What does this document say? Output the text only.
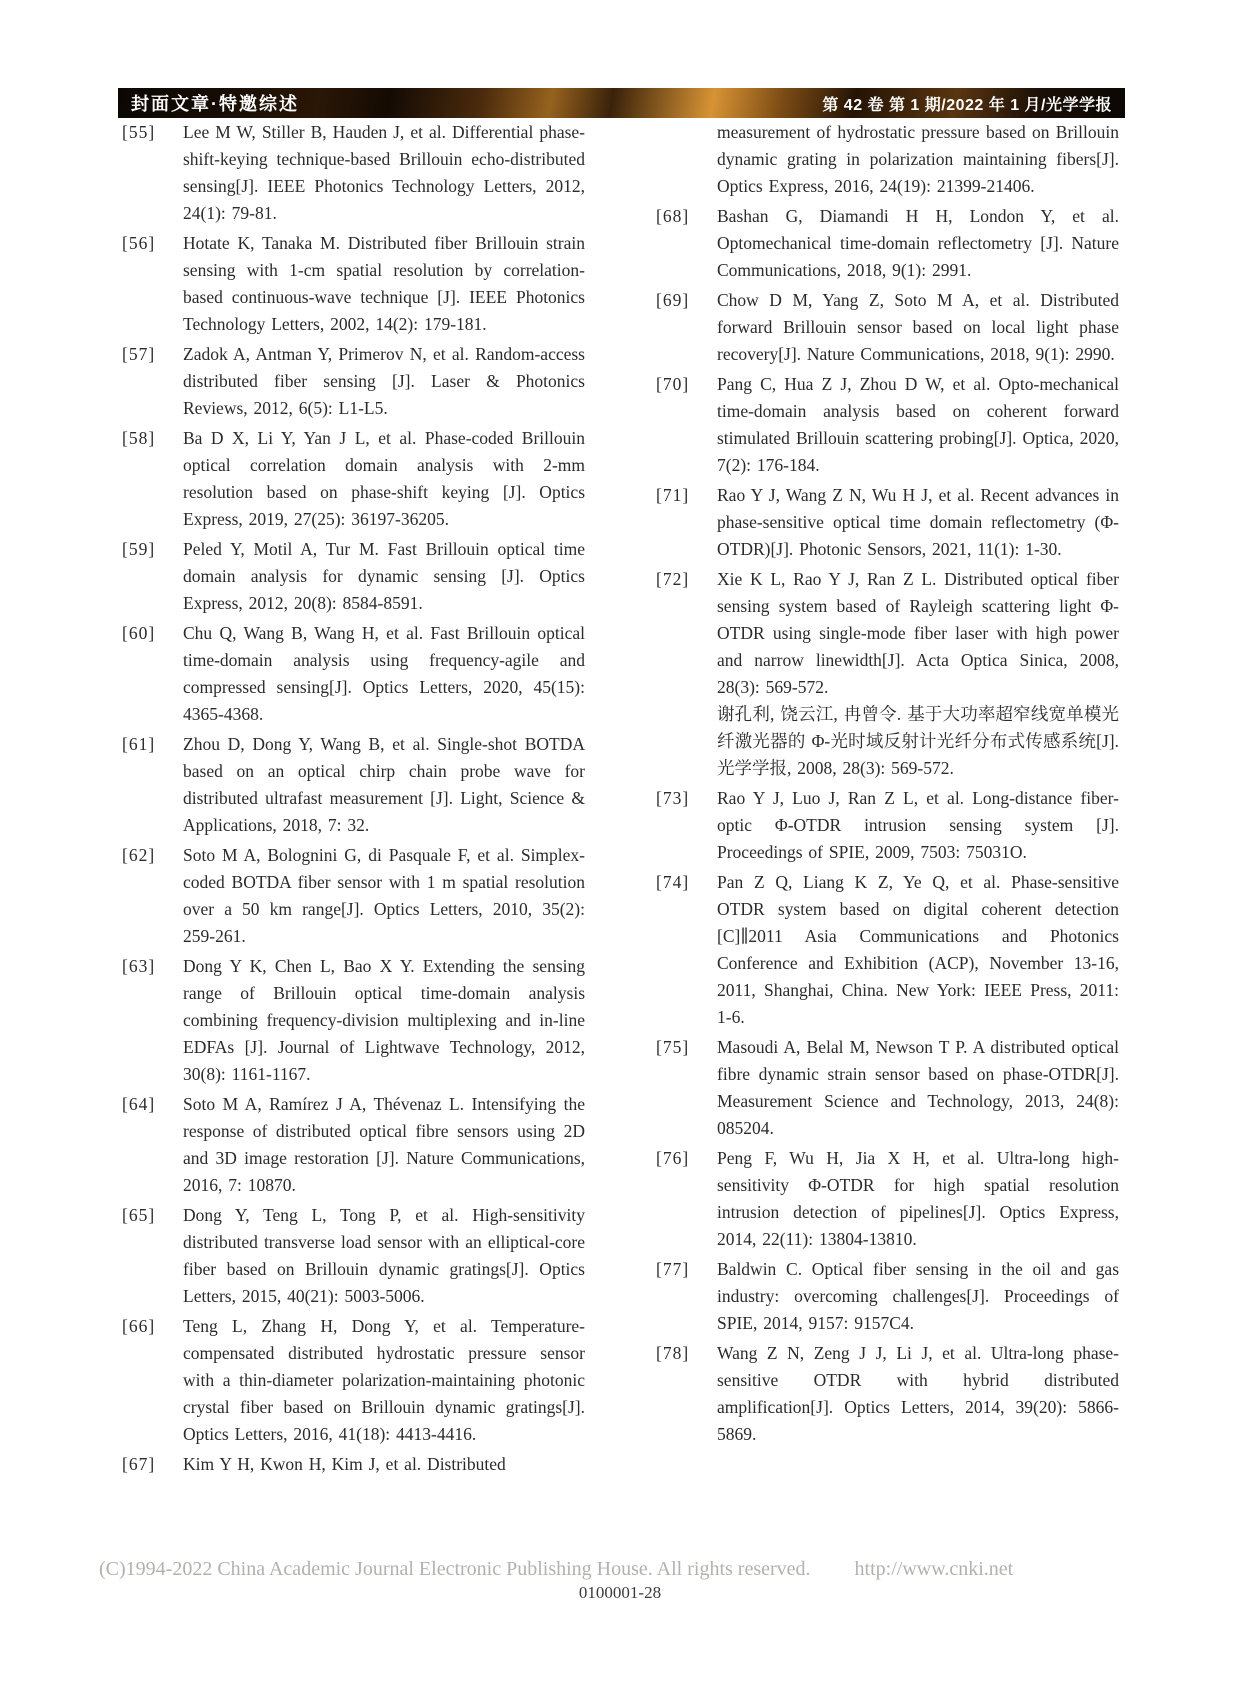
封面文章·特邀综述	第 42 卷 第 1 期/2022 年 1 月/光学学报
[55]	Lee M W, Stiller B, Hauden J, et al. Differential phase-shift-keying technique-based Brillouin echo-distributed sensing[J]. IEEE Photonics Technology Letters, 2012, 24(1): 79-81.
[56]	Hotate K, Tanaka M. Distributed fiber Brillouin strain sensing with 1-cm spatial resolution by correlation-based continuous-wave technique [J]. IEEE Photonics Technology Letters, 2002, 14(2): 179-181.
[57]	Zadok A, Antman Y, Primerov N, et al. Random-access distributed fiber sensing [J]. Laser & Photonics Reviews, 2012, 6(5): L1-L5.
[58]	Ba D X, Li Y, Yan J L, et al. Phase-coded Brillouin optical correlation domain analysis with 2-mm resolution based on phase-shift keying [J]. Optics Express, 2019, 27(25): 36197-36205.
[59]	Peled Y, Motil A, Tur M. Fast Brillouin optical time domain analysis for dynamic sensing [J]. Optics Express, 2012, 20(8): 8584-8591.
[60]	Chu Q, Wang B, Wang H, et al. Fast Brillouin optical time-domain analysis using frequency-agile and compressed sensing[J]. Optics Letters, 2020, 45(15): 4365-4368.
[61]	Zhou D, Dong Y, Wang B, et al. Single-shot BOTDA based on an optical chirp chain probe wave for distributed ultrafast measurement [J]. Light, Science & Applications, 2018, 7: 32.
[62]	Soto M A, Bolognini G, di Pasquale F, et al. Simplex-coded BOTDA fiber sensor with 1 m spatial resolution over a 50 km range[J]. Optics Letters, 2010, 35(2): 259-261.
[63]	Dong Y K, Chen L, Bao X Y. Extending the sensing range of Brillouin optical time-domain analysis combining frequency-division multiplexing and in-line EDFAs [J]. Journal of Lightwave Technology, 2012, 30(8): 1161-1167.
[64]	Soto M A, Ramírez J A, Thévenaz L. Intensifying the response of distributed optical fibre sensors using 2D and 3D image restoration [J]. Nature Communications, 2016, 7: 10870.
[65]	Dong Y, Teng L, Tong P, et al. High-sensitivity distributed transverse load sensor with an elliptical-core fiber based on Brillouin dynamic gratings[J]. Optics Letters, 2015, 40(21): 5003-5006.
[66]	Teng L, Zhang H, Dong Y, et al. Temperature-compensated distributed hydrostatic pressure sensor with a thin-diameter polarization-maintaining photonic crystal fiber based on Brillouin dynamic gratings[J]. Optics Letters, 2016, 41(18): 4413-4416.
[67]	Kim Y H, Kwon H, Kim J, et al. Distributed
measurement of hydrostatic pressure based on Brillouin dynamic grating in polarization maintaining fibers[J]. Optics Express, 2016, 24(19): 21399-21406.
[68]	Bashan G, Diamandi H H, London Y, et al. Optomechanical time-domain reflectometry [J]. Nature Communications, 2018, 9(1): 2991.
[69]	Chow D M, Yang Z, Soto M A, et al. Distributed forward Brillouin sensor based on local light phase recovery[J]. Nature Communications, 2018, 9(1): 2990.
[70]	Pang C, Hua Z J, Zhou D W, et al. Opto-mechanical time-domain analysis based on coherent forward stimulated Brillouin scattering probing[J]. Optica, 2020, 7(2): 176-184.
[71]	Rao Y J, Wang Z N, Wu H J, et al. Recent advances in phase-sensitive optical time domain reflectometry (Φ-OTDR)[J]. Photonic Sensors, 2021, 11(1): 1-30.
[72]	Xie K L, Rao Y J, Ran Z L. Distributed optical fiber sensing system based of Rayleigh scattering light Φ-OTDR using single-mode fiber laser with high power and narrow linewidth[J]. Acta Optica Sinica, 2008, 28(3): 569-572.
谢孔利, 饶云江, 冉曾令. 基于大功率超窄线宽单模光纤激光器的 Φ-光时域反射计光纤分布式传感系统[J]. 光学学报, 2008, 28(3): 569-572.
[73]	Rao Y J, Luo J, Ran Z L, et al. Long-distance fiber-optic Φ-OTDR intrusion sensing system [J]. Proceedings of SPIE, 2009, 7503: 75031O.
[74]	Pan Z Q, Liang K Z, Ye Q, et al. Phase-sensitive OTDR system based on digital coherent detection [C]∥2011 Asia Communications and Photonics Conference and Exhibition (ACP), November 13-16, 2011, Shanghai, China. New York: IEEE Press, 2011: 1-6.
[75]	Masoudi A, Belal M, Newson T P. A distributed optical fibre dynamic strain sensor based on phase-OTDR[J]. Measurement Science and Technology, 2013, 24(8): 085204.
[76]	Peng F, Wu H, Jia X H, et al. Ultra-long high-sensitivity Φ-OTDR for high spatial resolution intrusion detection of pipelines[J]. Optics Express, 2014, 22(11): 13804-13810.
[77]	Baldwin C. Optical fiber sensing in the oil and gas industry: overcoming challenges[J]. Proceedings of SPIE, 2014, 9157: 9157C4.
[78]	Wang Z N, Zeng J J, Li J, et al. Ultra-long phase-sensitive OTDR with hybrid distributed amplification[J]. Optics Letters, 2014, 39(20): 5866-5869.
(C)1994-2022 China Academic Journal Electronic Publishing House. All rights reserved. http://www.cnki.net
0100001-28
